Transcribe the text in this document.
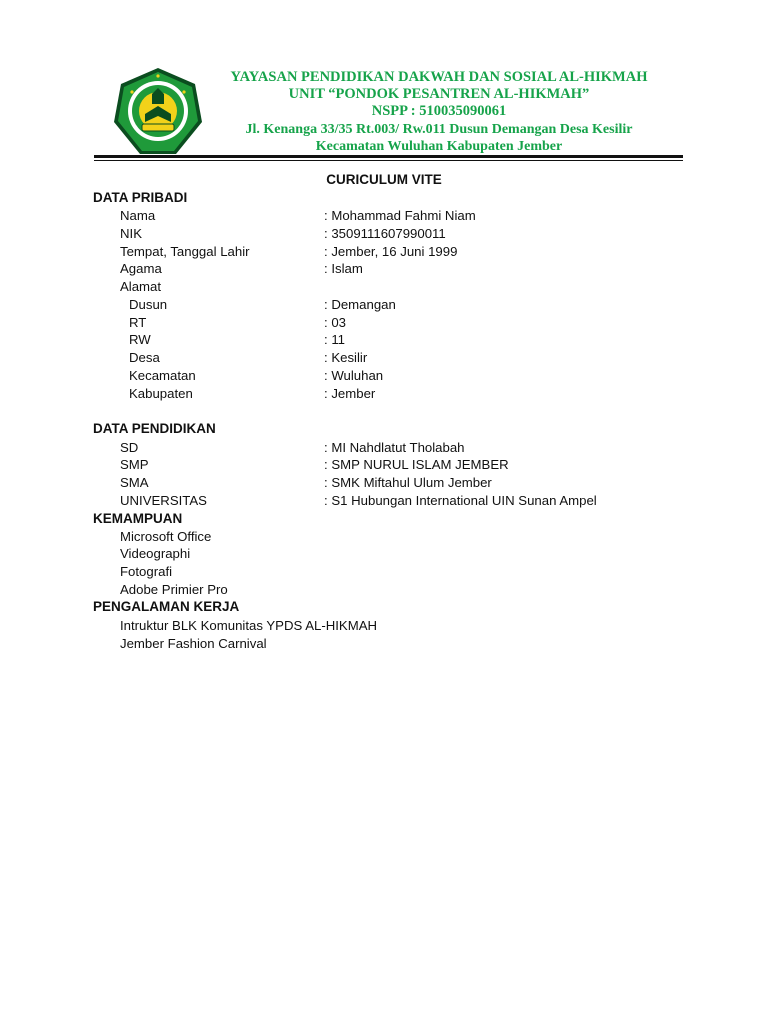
YAYASAN PENDIDIKAN DAKWAH DAN SOSIAL AL-HIKMAH
UNIT “PONDOK PESANTREN AL-HIKMAH”
NSPP : 510035090061
Jl. Kenanga 33/35 Rt.003/ Rw.011 Dusun Demangan Desa Kesilir
Kecamatan Wuluhan Kabupaten Jember
CURICULUM VITE
DATA PRIBADI
Nama	: Mohammad Fahmi Niam
NIK	: 3509111607990011
Tempat, Tanggal Lahir	: Jember, 16 Juni 1999
Agama	: Islam
Alamat
Dusun	: Demangan
RT	: 03
RW	: 11
Desa	: Kesilir
Kecamatan	: Wuluhan
Kabupaten	: Jember
DATA PENDIDIKAN
SD	: MI Nahdlatut Tholabah
SMP	: SMP NURUL ISLAM JEMBER
SMA	: SMK Miftahul Ulum Jember
UNIVERSITAS	: S1 Hubungan International UIN Sunan Ampel
KEMAMPUAN
Microsoft Office
Videographi
Fotografi
Adobe Primier Pro
PENGALAMAN KERJA
Intruktur BLK Komunitas YPDS AL-HIKMAH
Jember Fashion Carnival
